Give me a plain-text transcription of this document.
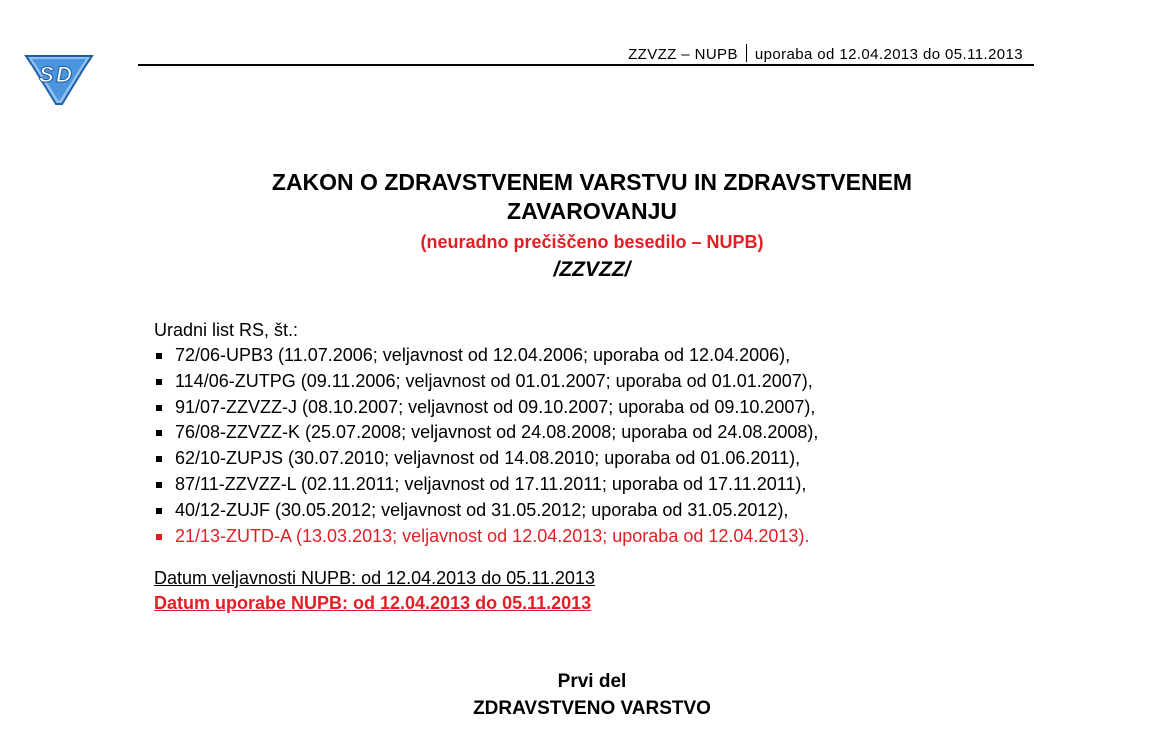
S D
ZZVZZ – NUPB uporaba od 12.04.2013 do 05.11.2013
ZAKON O ZDRAVSTVENEM VARSTVU IN ZDRAVSTVENEM
ZAVAROVANJU
(neuradno prečiščeno besedilo – NUPB)
/ZZVZZ/
Uradni list RS, št.:
72/06-UPB3 (11.07.2006; veljavnost od 12.04.2006; uporaba od 12.04.2006),
114/06-ZUTPG (09.11.2006; veljavnost od 01.01.2007; uporaba od 01.01.2007),
91/07-ZZVZZ-J (08.10.2007; veljavnost od 09.10.2007; uporaba od 09.10.2007),
76/08-ZZVZZ-K (25.07.2008; veljavnost od 24.08.2008; uporaba od 24.08.2008),
62/10-ZUPJS (30.07.2010; veljavnost od 14.08.2010; uporaba od 01.06.2011),
87/11-ZZVZZ-L (02.11.2011; veljavnost od 17.11.2011; uporaba od 17.11.2011),
40/12-ZUJF (30.05.2012; veljavnost od 31.05.2012; uporaba od 31.05.2012),
21/13-ZUTD-A (13.03.2013; veljavnost od 12.04.2013; uporaba od 12.04.2013).
Datum veljavnosti NUPB: od 12.04.2013 do 05.11.2013
Datum uporabe NUPB: od 12.04.2013 do 05.11.2013
Prvi del
ZDRAVSTVENO VARSTVO
